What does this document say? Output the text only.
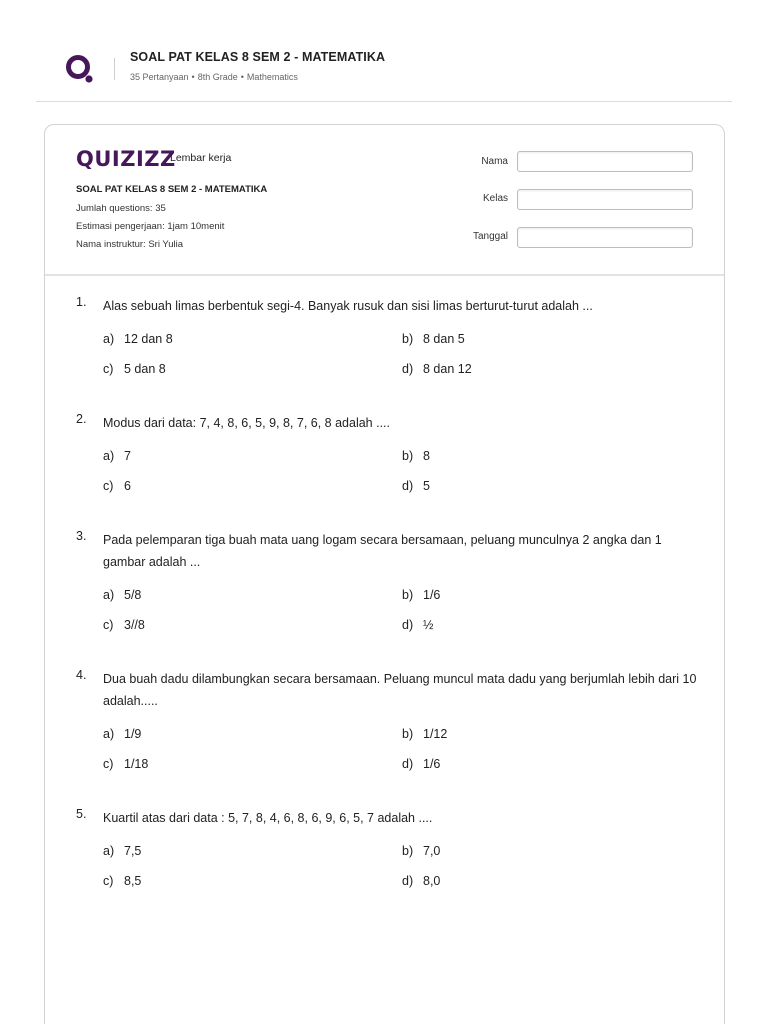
SOAL PAT KELAS 8 SEM 2 - MATEMATIKA
35 Pertanyaan • 8th Grade • Mathematics
QUIZIZZ
Lembar kerja
SOAL PAT KELAS 8 SEM 2 - MATEMATIKA
Jumlah questions: 35
Estimasi pengerjaan: 1jam 10menit
Nama instruktur: Sri Yulia
Nama
Kelas
Tanggal
1. Alas sebuah limas berbentuk segi-4. Banyak rusuk dan sisi limas berturut-turut adalah ...
a) 12 dan 8	b) 8 dan 5
c) 5 dan 8	d) 8 dan 12
2. Modus dari data: 7, 4, 8, 6, 5, 9, 8, 7, 6, 8 adalah ....
a) 7	b) 8
c) 6	d) 5
3. Pada pelemparan tiga buah mata uang logam secara bersamaan, peluang munculnya 2 angka dan 1 gambar adalah ...
a) 5/8	b) 1/6
c) 3//8	d) ½
4. Dua buah dadu dilambungkan secara bersamaan. Peluang muncul mata dadu yang berjumlah lebih dari 10 adalah.....
a) 1/9	b) 1/12
c) 1/18	d) 1/6
5. Kuartil atas dari data : 5, 7, 8, 4, 6, 8, 6, 9, 6, 5, 7 adalah ....
a) 7,5	b) 7,0
c) 8,5	d) 8,0
